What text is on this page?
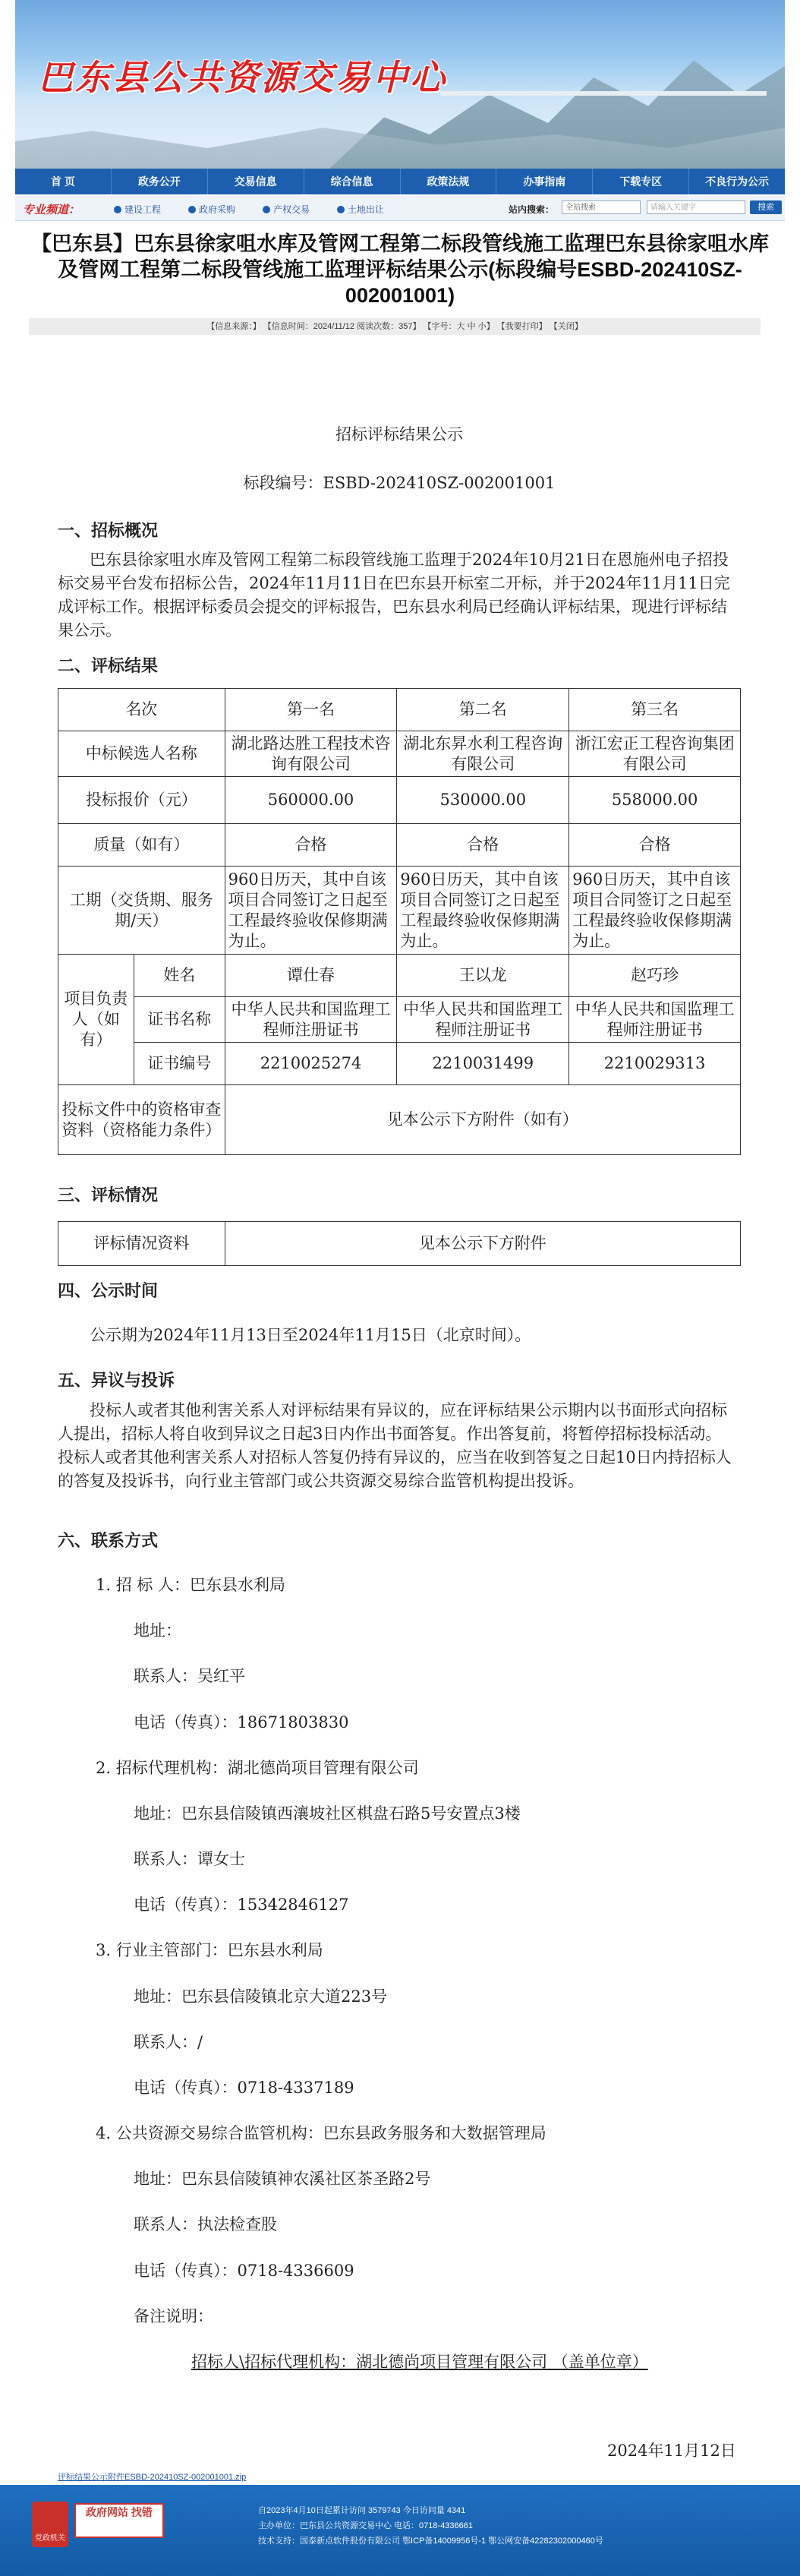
巴东县公共资源交易中心
首 页	政务公开	交易信息	综合信息	政策法规	办事指南	下载专区	不良行为公示
专业频道：	建设工程	政府采购	产权交易	土地出让	站内搜索：	全站搜索	请输入关键字	搜索
【巴东县】巴东县徐家咀水库及管网工程第二标段管线施工监理巴东县徐家咀水库及管网工程第二标段管线施工监理评标结果公示(标段编号ESBD-202410SZ-002001001)
【信息来源：】 【信息时间：2024/11/12 阅读次数：357】 【字号：大 中 小】 【我要打印】 【关闭】
招标评标结果公示
标段编号：ESBD-202410SZ-002001001
一、招标概况

巴东县徐家咀水库及管网工程第二标段管线施工监理于2024年10月21日在恩施州电子招投标交易平台发布招标公告，2024年11月11日在巴东县开标室二开标，并于2024年11月11日完成评标工作。根据评标委员会提交的评标报告，巴东县水利局已经确认评标结果，现进行评标结果公示。

二、评标结果
名次		第一名	第二名	第三名
中标候选人名称		湖北路达胜工程技术咨询有限公司	湖北东昇水利工程咨询有限公司	浙江宏正工程咨询集团有限公司
投标报价（元）		560000.00	530000.00	558000.00
质量（如有）		合格	合格	合格
工期（交货期、服务期/天）		960日历天，其中自该项目合同签订之日起至工程最终验收保修期满为止。	960日历天，其中自该项目合同签订之日起至工程最终验收保修期满为止。	960日历天，其中自该项目合同签订之日起至工程最终验收保修期满为止。
项目负责人（如有）	姓名	谭仕春	王以龙	赵巧珍
	证书名称	中华人民共和国监理工程师注册证书	中华人民共和国监理工程师注册证书	中华人民共和国监理工程师注册证书
	证书编号	2210025274	2210031499	2210029313
投标文件中的资格审查资料（资格能力条件）		见本公示下方附件（如有）		
三、评标情况
评标情况资料	见本公示下方附件
四、公示时间

公示期为2024年11月13日至2024年11月15日（北京时间）。

五、异议与投诉

投标人或者其他利害关系人对评标结果有异议的，应在评标结果公示期内以书面形式向招标人提出，招标人将自收到异议之日起3日内作出书面答复。作出答复前，将暂停招标投标活动。 投标人或者其他利害关系人对招标人答复仍持有异议的，应当在收到答复之日起10日内持招标人的答复及投诉书，向行业主管部门或公共资源交易综合监管机构提出投诉。

六、联系方式
1. 招 标 人：巴东县水利局
地址：
联系人：吴红平
电话（传真）：18671803830
2. 招标代理机构：湖北德尚项目管理有限公司
地址：巴东县信陵镇西瀼坡社区棋盘石路5号安置点3楼
联系人：谭女士
电话（传真）：15342846127
3. 行业主管部门：巴东县水利局
地址：巴东县信陵镇北京大道223号
联系人：/
电话（传真）：0718-4337189
4. 公共资源交易综合监管机构：巴东县政务服务和大数据管理局
地址：巴东县信陵镇神农溪社区茶圣路2号
联系人：执法检查股
电话（传真）：0718-4336609
备注说明：
招标人\招标代理机构：湖北德尚项目管理有限公司 （盖单位章）
2024年11月12日
评标结果公示附件ESBD-202410SZ-002001001.zip
党政机关
政府网站 找错	自2023年4月10日起累计访问 3579743 今日访问量 4341
主办单位：巴东县公共资源交易中心 电话：0718-4336661
技术支持：国泰新点软件股份有限公司 鄂ICP备14009956号-1 鄂公网安备42282302000460号
